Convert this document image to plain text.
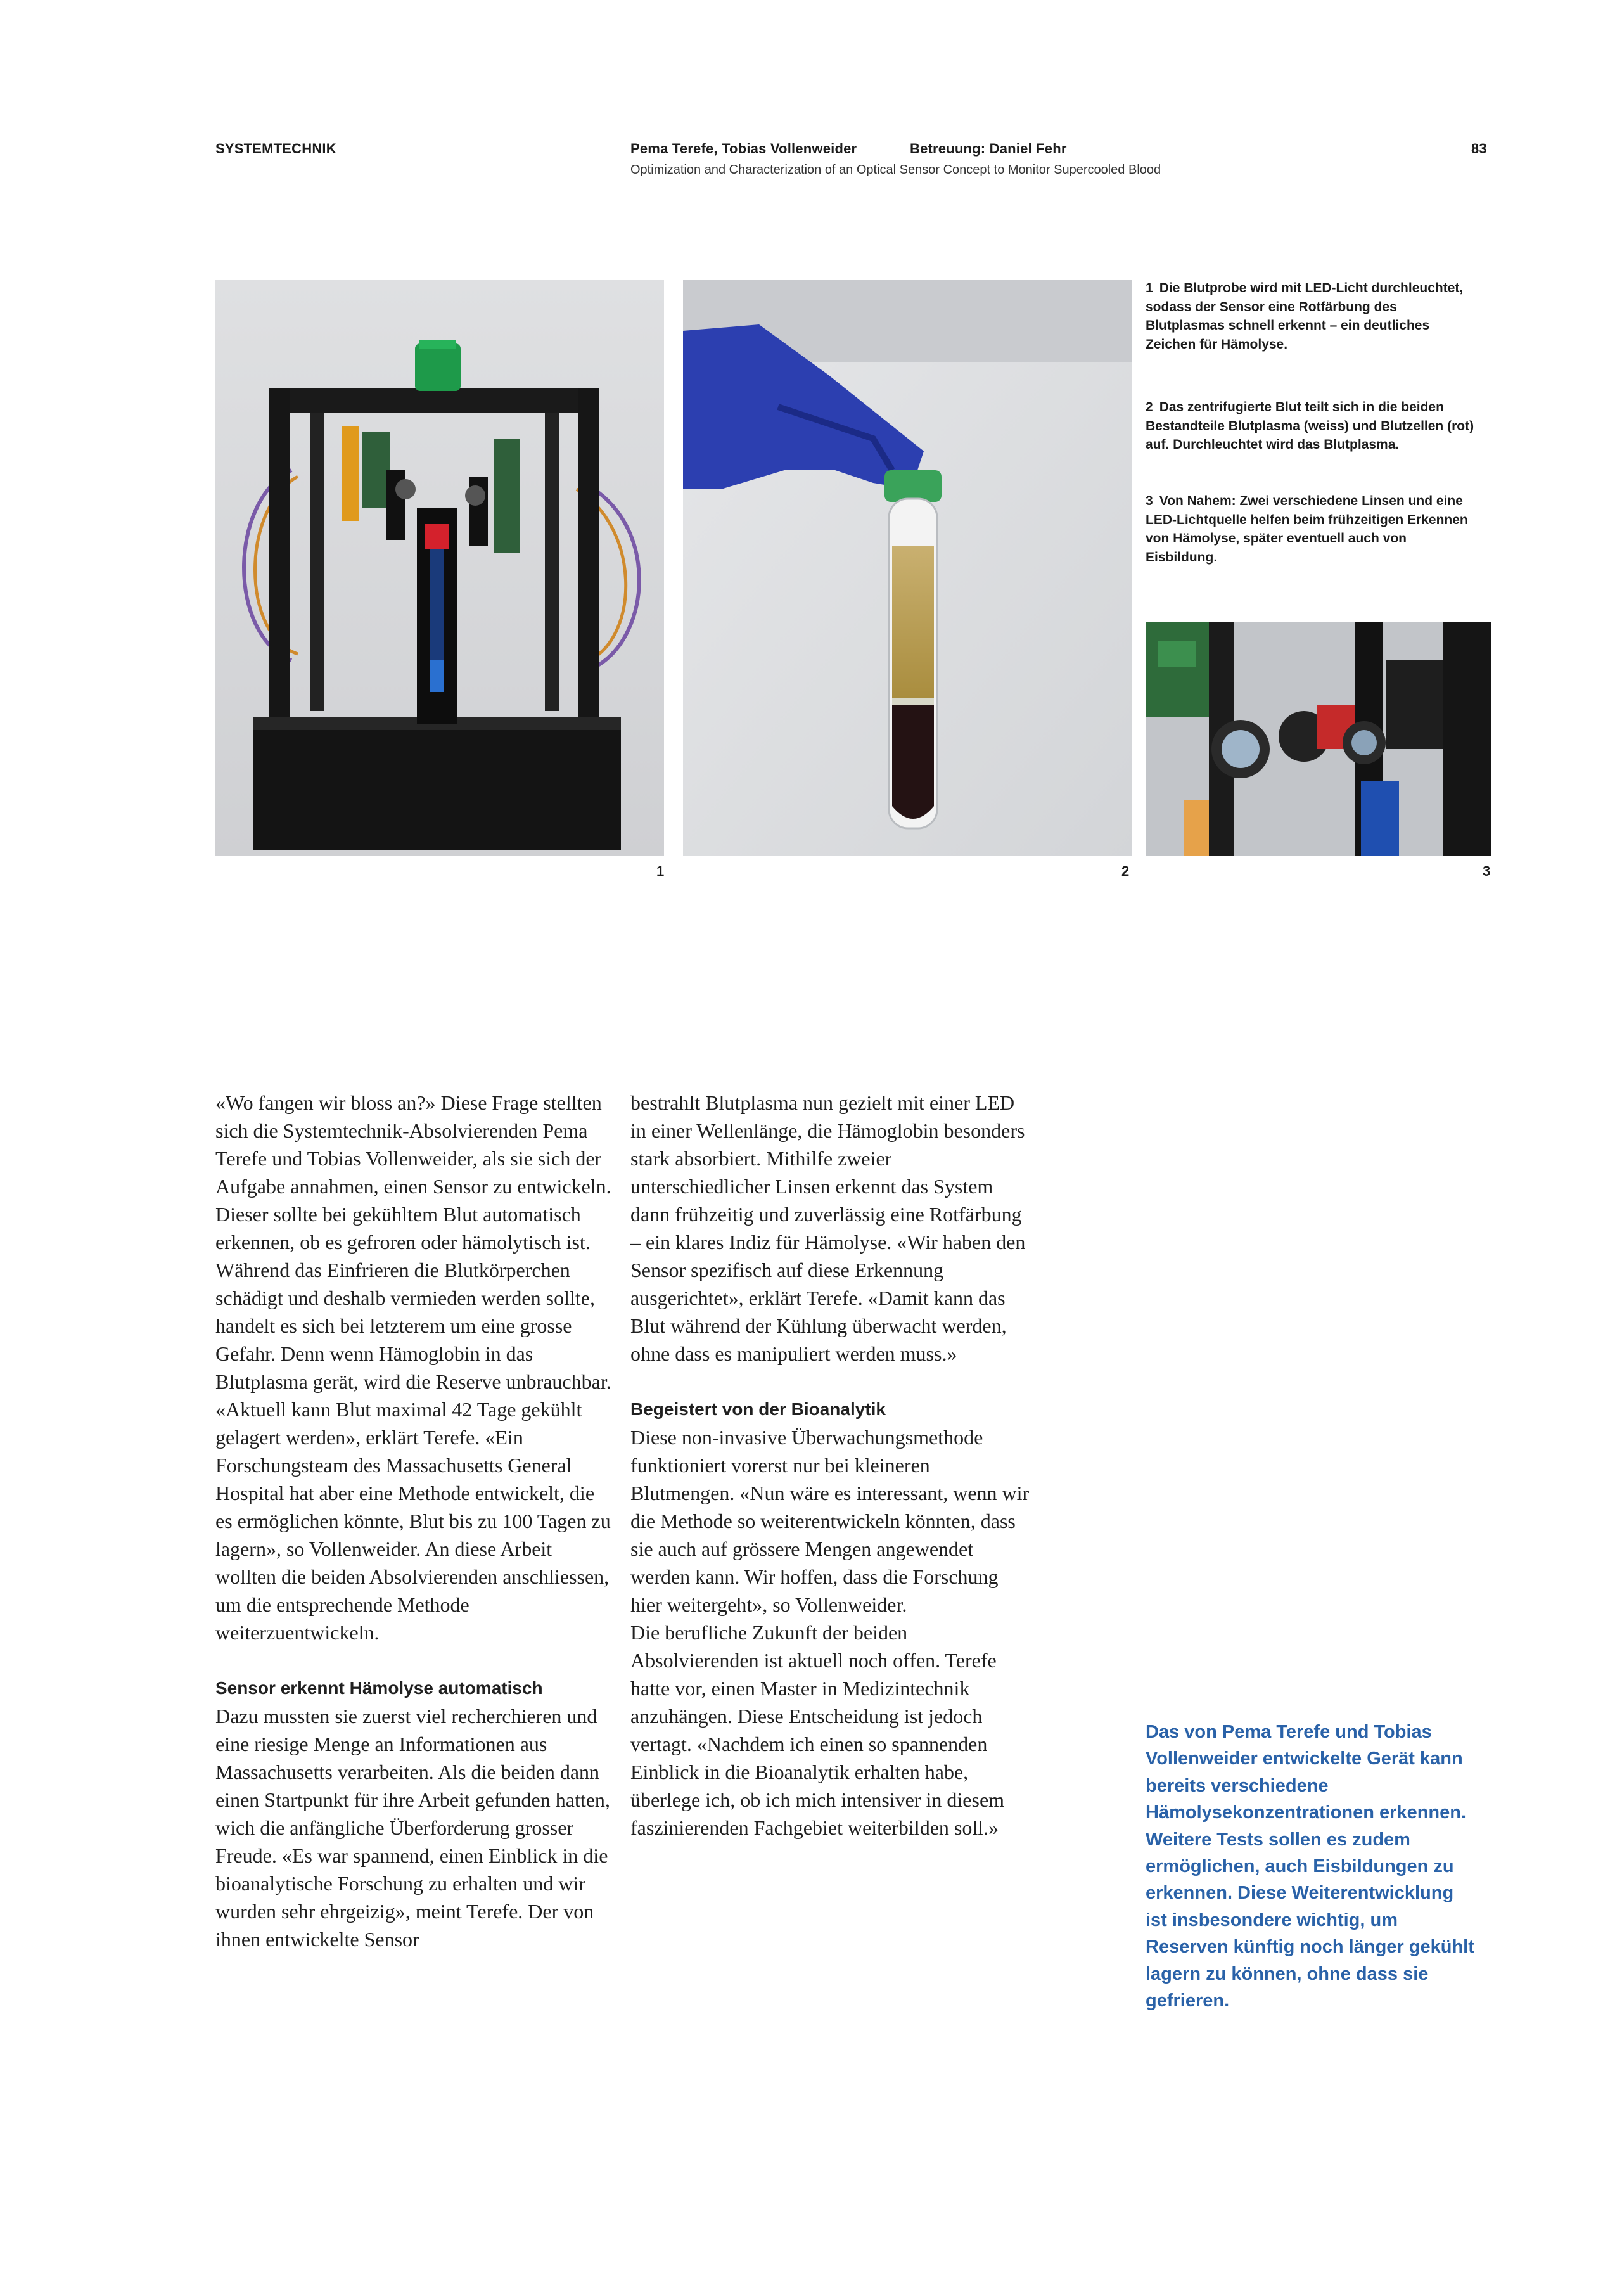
SYSTEMTECHNIK	Pema Terefe, Tobias Vollenweider	Betreuung: Daniel Fehr
Optimization and Characterization of an Optical Sensor Concept to Monitor Supercooled Blood
83
1	2	3
1 Die Blutprobe wird mit LED-Licht durchleuchtet, sodass der Sensor eine Rotfärbung des Blutplasmas schnell erkennt – ein deutliches Zeichen für Hämolyse.
2 Das zentrifugierte Blut teilt sich in die beiden Bestandteile Blutplasma (weiss) und Blutzellen (rot) auf. Durchleuchtet wird das Blutplasma.
3 Von Nahem: Zwei verschiedene Linsen und eine LED-Lichtquelle helfen beim frühzeitigen Erkennen von Hämolyse, später eventuell auch von Eisbildung.

«Wo fangen wir bloss an?» Diese Frage stellten sich die Systemtechnik-Absolvierenden Pema Terefe und Tobias Vollenweider, als sie sich der Aufgabe annahmen, einen Sensor zu entwickeln. Dieser sollte bei gekühltem Blut automatisch erkennen, ob es gefroren oder hämolytisch ist. Während das Einfrieren die Blutkörperchen schädigt und deshalb vermieden werden sollte, handelt es sich bei letzterem um eine grosse Gefahr. Denn wenn Hämoglobin in das Blutplasma gerät, wird die Reserve unbrauchbar. «Aktuell kann Blut maximal 42 Tage gekühlt gelagert werden», erklärt Terefe. «Ein Forschungsteam des Massachusetts General Hospital hat aber eine Methode entwickelt, die es ermöglichen könnte, Blut bis zu 100 Tagen zu lagern», so Vollenweider. An diese Arbeit wollten die beiden Absolvierenden anschliessen, um die entsprechende Methode weiterzuentwickeln.

Sensor erkennt Hämolyse automatisch

Dazu mussten sie zuerst viel recherchieren und eine riesige Menge an Informationen aus Massachusetts verarbeiten. Als die beiden dann einen Startpunkt für ihre Arbeit gefunden hatten, wich die anfängliche Überforderung grosser Freude. «Es war spannend, einen Einblick in die bioanalytische Forschung zu erhalten und wir wurden sehr ehrgeizig», meint Terefe. Der von ihnen entwickelte Sensor

bestrahlt Blutplasma nun gezielt mit einer LED in einer Wellenlänge, die Hämoglobin besonders stark absorbiert. Mithilfe zweier unterschiedlicher Linsen erkennt das System dann frühzeitig und zuverlässig eine Rotfärbung – ein klares Indiz für Hämolyse. «Wir haben den Sensor spezifisch auf diese Erkennung ausgerichtet», erklärt Terefe. «Damit kann das Blut während der Kühlung überwacht werden, ohne dass es manipuliert werden muss.»

Begeistert von der Bioanalytik

Diese non-invasive Überwachungsmethode funktioniert vorerst nur bei kleineren Blutmengen. «Nun wäre es interessant, wenn wir die Methode so weiterentwickeln könnten, dass sie auch auf grössere Mengen angewendet werden kann. Wir hoffen, dass die Forschung hier weitergeht», so Vollenweider.

Die berufliche Zukunft der beiden Absolvierenden ist aktuell noch offen. Terefe hatte vor, einen Master in Medizintechnik anzuhängen. Diese Entscheidung ist jedoch vertagt. «Nachdem ich einen so spannenden Einblick in die Bioanalytik erhalten habe, überlege ich, ob ich mich intensiver in diesem faszinierenden Fachgebiet weiterbilden soll.»

Das von Pema Terefe und Tobias Vollenweider entwickelte Gerät kann bereits verschiedene Hämolysekonzentrationen erkennen. Weitere Tests sollen es zudem ermöglichen, auch Eisbildungen zu erkennen. Diese Weiterentwicklung ist insbesondere wichtig, um Reserven künftig noch länger gekühlt lagern zu können, ohne dass sie gefrieren.
